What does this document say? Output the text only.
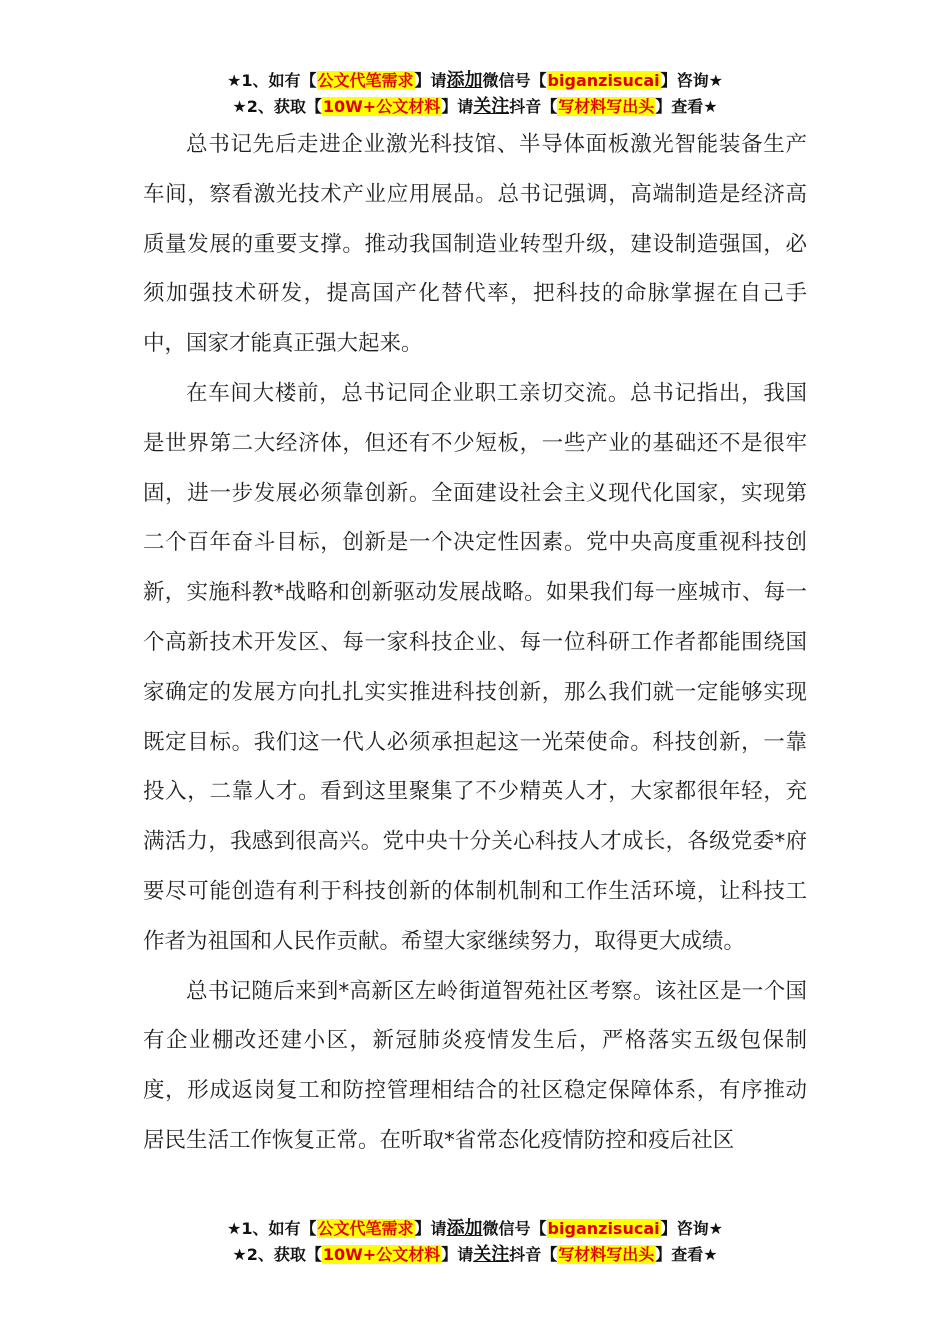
★1、如有【公文代笔需求】请添加微信号【biganzisucai】咨询★
★2、获取【10W+公文材料】请关注抖音【写材料写出头】查看★

总书记先后走进企业激光科技馆、半导体面板激光智能装备生产车间，察看激光技术产业应用展品。总书记强调，高端制造是经济高质量发展的重要支撑。推动我国制造业转型升级，建设制造强国，必须加强技术研发，提高国产化替代率，把科技的命脉掌握在自己手中，国家才能真正强大起来。

在车间大楼前，总书记同企业职工亲切交流。总书记指出，我国是世界第二大经济体，但还有不少短板，一些产业的基础还不是很牢固，进一步发展必须靠创新。全面建设社会主义现代化国家，实现第二个百年奋斗目标，创新是一个决定性因素。党中央高度重视科技创新，实施科教*战略和创新驱动发展战略。如果我们每一座城市、每一个高新技术开发区、每一家科技企业、每一位科研工作者都能围绕国家确定的发展方向扎扎实实推进科技创新，那么我们就一定能够实现既定目标。我们这一代人必须承担起这一光荣使命。科技创新，一靠投入，二靠人才。看到这里聚集了不少精英人才，大家都很年轻，充满活力，我感到很高兴。党中央十分关心科技人才成长，各级党委*府要尽可能创造有利于科技创新的体制机制和工作生活环境，让科技工作者为祖国和人民作贡献。希望大家继续努力，取得更大成绩。

总书记随后来到*高新区左岭街道智苑社区考察。该社区是一个国有企业棚改还建小区，新冠肺炎疫情发生后，严格落实五级包保制度，形成返岗复工和防控管理相结合的社区稳定保障体系，有序推动居民生活工作恢复正常。在听取*省常态化疫情防控和疫后社区

★1、如有【公文代笔需求】请添加微信号【biganzisucai】咨询★
★2、获取【10W+公文材料】请关注抖音【写材料写出头】查看★
